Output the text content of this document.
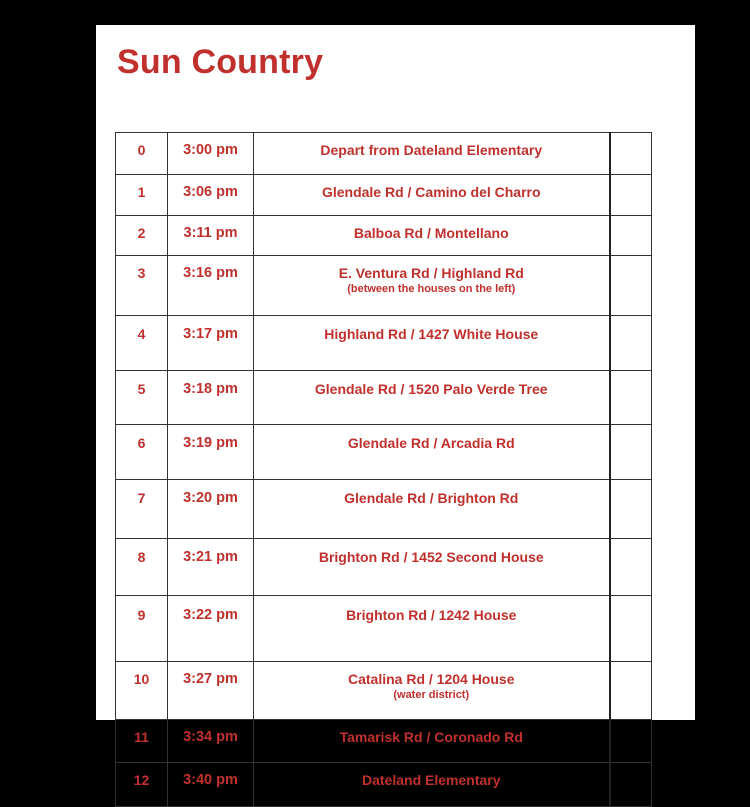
Sun Country
0	3:00 pm	Depart from Dateland Elementary	
1	3:06 pm	Glendale Rd / Camino del Charro	
2	3:11 pm	Balboa Rd / Montellano	
3	3:16 pm	E. Ventura Rd / Highland Rd
(between the houses on the left)	

4	3:17 pm	Highland Rd / 1427 White House	
5	3:18 pm	Glendale Rd / 1520 Palo Verde Tree	
6	3:19 pm	Glendale Rd / Arcadia Rd	
7	3:20 pm	Glendale Rd / Brighton Rd	
8	3:21 pm	Brighton Rd / 1452 Second House	
9	3:22 pm	Brighton Rd / 1242 House	
10	3:27 pm	Catalina Rd / 1204 House
(water district)	

11	3:34 pm	Tamarisk Rd / Coronado Rd	
12	3:40 pm	Dateland Elementary	
